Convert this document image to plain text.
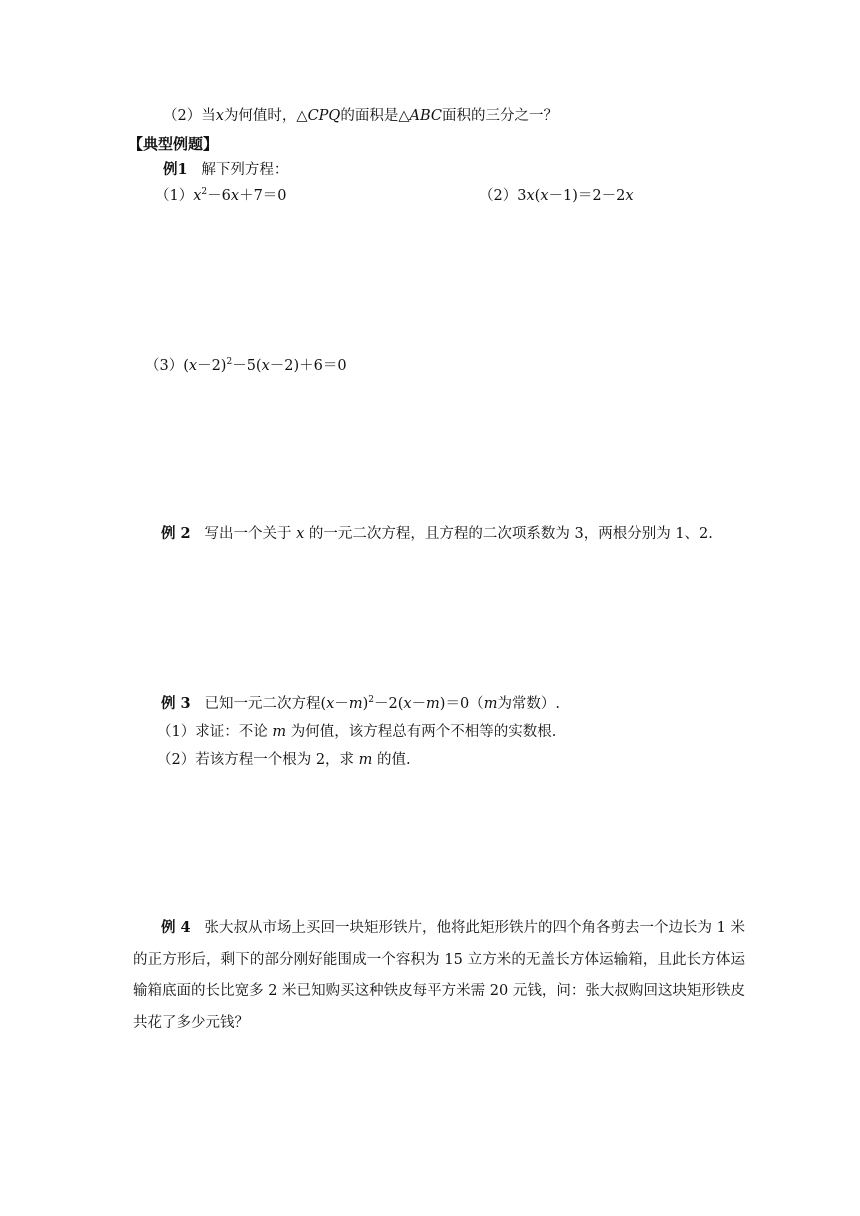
（2）当x为何值时，△CPQ的面积是△ABC面积的三分之一？
【典型例题】
例1 解下列方程：
$(1)x^2-6x+7=0$	（2）3x(x－1)＝2－2x
$(3)(x-2)^2-5(x-2)+6=0$
例 2 写出一个关于 x 的一元二次方程，且方程的二次项系数为 3，两根分别为 1、2.
例 3 已知一元二次方程$(x-m)^2-2(x-m)=0(m$为常数）.
（1）求证：不论 m 为何值，该方程总有两个不相等的实数根.
（2）若该方程一个根为 2，求 m 的值.
例 4 张大叔从市场上买回一块矩形铁片，他将此矩形铁片的四个角各剪去一个边长为 1 米的正方形后，剩下的部分刚好能围成一个容积为 15 立方米的无盖长方体运输箱，且此长方体运输箱底面的长比宽多 2 米已知购买这种铁皮每平方米需 20 元钱，问：张大叔购回这块矩形铁皮共花了多少元钱？
